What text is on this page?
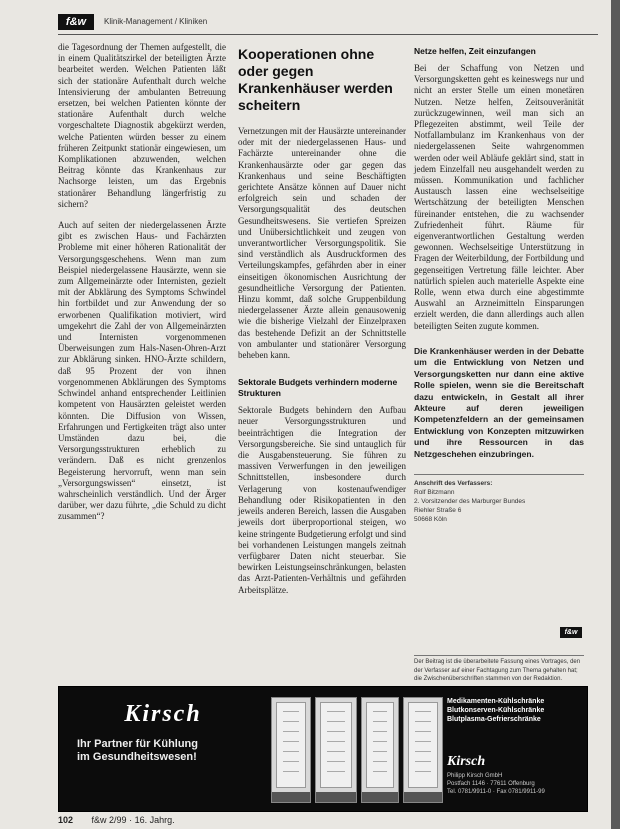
f&w	Klinik-Management / Kliniken

die Tagesordnung der Themen aufgestellt, die in einem Qualitätszirkel der beteiligten Ärzte bearbeitet werden. Welchen Patienten läßt sich der stationäre Aufenthalt durch welche Intensivierung der ambulanten Betreuung ersetzen, bei welchen Patienten könnte der stationäre Aufenthalt durch welche vorgeschaltete Diagnostik abgekürzt werden, welche Patienten würden besser zu einem früheren Zeitpunkt stationär eingewiesen, um Komplikationen abzuwenden, welchen Beitrag könnte das Krankenhaus zur Nachsorge leisten, um das Ergebnis stationärer Behandlung längerfristig zu sichern?

Auch auf seiten der niedergelassenen Ärzte gibt es zwischen Haus- und Fachärzten Probleme mit einer höheren Rationalität der Versorgungsgeschehens. Wenn man zum Beispiel niedergelassene Hausärzte, wenn sie zum Allgemeinärzte oder Internisten, gezielt mit der Abklärung des Symptoms Schwindel hin fortbildet und zur Anwendung der so erworbenen Qualifikation motiviert, wird umgekehrt die Zahl der von Allgemeinärzten und Internisten vorgenommenen Überweisungen zum Hals-Nasen-Ohren-Arzt zur Abklärung sinken. HNO-Ärzte schildern, daß 95 Prozent der von ihnen vorgenommenen Abklärungen des Symptoms Schwindel anhand entsprechender Leitlinien kompetent von Hausärzten geleistet werden könnten. Die Diffusion von Wissen, Erfahrungen und Fertigkeiten trägt also unter Umständen dazu bei, die Versorgungsstrukturen erheblich zu verändern. Daß es nicht grenzenlos Begeisterung hervorruft, wenn man sein „Versorgungswissen“ einsetzt, ist wahrscheinlich verständlich. Und der Ärger darüber, wer dazu führte, „die Schuld zu dicht zusammen“?

Kooperationen ohne oder gegen Krankenhäuser werden scheitern

Vernetzungen mit der Hausärzte untereinander oder mit der niedergelassenen Haus- und Fachärzte untereinander ohne die Krankenhausärzte oder gar gegen das Krankenhaus und seine Beschäftigten gerichtete Ansätze können auf Dauer nicht erfolgreich sein und schaden der Versorgungsqualität des deutschen Gesundheitswesens. Sie vertiefen Spreizen und Unübersichtlichkeit und zeugen von unverantwortlicher Versorgungspolitik. Sie sind verständlich als Ausdruckformen des Verteilungskampfes, gefährden aber in einer einseitigen ökonomischen Ausrichtung der gesundheitliche Versorgung der Patienten. Hinzu kommt, daß solche Gruppenbildung niedergelassener Ärzte allein genausowenig wie die bisherige Vielzahl der Einzelpraxen das bestehende Defizit an der Schnittstelle von ambulanter und stationärer Versorgung beheben kann.

Sektorale Budgets verhindern moderne Strukturen

Sektorale Budgets behindern den Aufbau neuer Versorgungsstrukturen und beeinträchtigen die Integration der Versorgungsbereiche. Sie sind untauglich für die Ausgabensteuerung. Sie führen zu massiven Verwerfungen in den jeweiligen Schnittstellen, insbesondere durch Verlagerung von kostenaufwendiger Behandlung oder Risikopatienten in den jeweils anderen Bereich, lassen die Ausgaben jeweils dort überproportional steigen, wo keine stringente Budgetierung erfolgt und sind bei vorhandenen Leistungen mangels zeitnah verfügbarer Daten nicht steuerbar. Sie bewirken Leistungseinschränkungen, belasten das Arzt-Patienten-Verhältnis und gefährden Arbeitsplätze.

Netze helfen, Zeit einzufangen

Bei der Schaffung von Netzen und Versorgungsketten geht es keineswegs nur und nicht an erster Stelle um einen monetären Nutzen. Netze helfen, Zeitsouveränität zurückzugewinnen, weil man sich an Pflegezeiten abstimmt, weil Teile der Notfallambulanz im Krankenhaus von der niedergelassenen Seite wahrgenommen werden oder weil Abläufe geklärt sind, statt in jedem Einzelfall neu ausgehandelt werden zu müssen. Kommunikation und fachlicher Austausch lassen eine wechselseitige Wertschätzung der beteiligten Menschen füreinander entstehen, die zu wachsender Zufriedenheit führt. Räume für eigenverantwortlichen Gestaltung werden gewonnen. Wechselseitige Unterstützung in Fragen der Weiterbildung, der Fortbildung und gegenseitigen Vertretung fälle leichter. Aber natürlich spielen auch materielle Aspekte eine Rolle, wenn etwa durch eine abgestimmte Auswahl an Arzneimitteln Einsparungen erzielt werden, die dann allerdings auch allen beteiligten Seiten zugute kommen.

Die Krankenhäuser werden in der Debatte um die Entwicklung von Netzen und Versorgungsketten nur dann eine aktive Rolle spielen, wenn sie die Bereitschaft dazu entwickeln, in Gestalt all ihrer Akteure auf deren jeweiligen Kompetenzfeldern an der gemeinsamen Entwicklung von Konzepten mitzuwirken und ihre Ressourcen in das Netzgeschehen einzubringen.

Anschrift des Verfassers:
Rolf Bitzmann
2. Vorsitzender des Marburger Bundes
Riehler Straße 6
50668 Köln
f&w
Der Beitrag ist die überarbeitete Fassung eines Vortrages, den der Verfasser auf einer Fachtagung zum Thema gehalten hat; die Zwischenüberschriften stammen von der Redaktion.
Kirsch
Ihr Partner für Kühlung
im Gesundheitswesen!
Medikamenten-Kühlschränke
Blutkonserven-Kühlschränke
Blutplasma-Gefrierschränke
Kirsch
Philipp Kirsch GmbH
Postfach 1146 · 77611 Offenburg
Tel. 0781/9911-0 · Fax 0781/9911-99
102 f&w 2/99 · 16. Jahrg.
